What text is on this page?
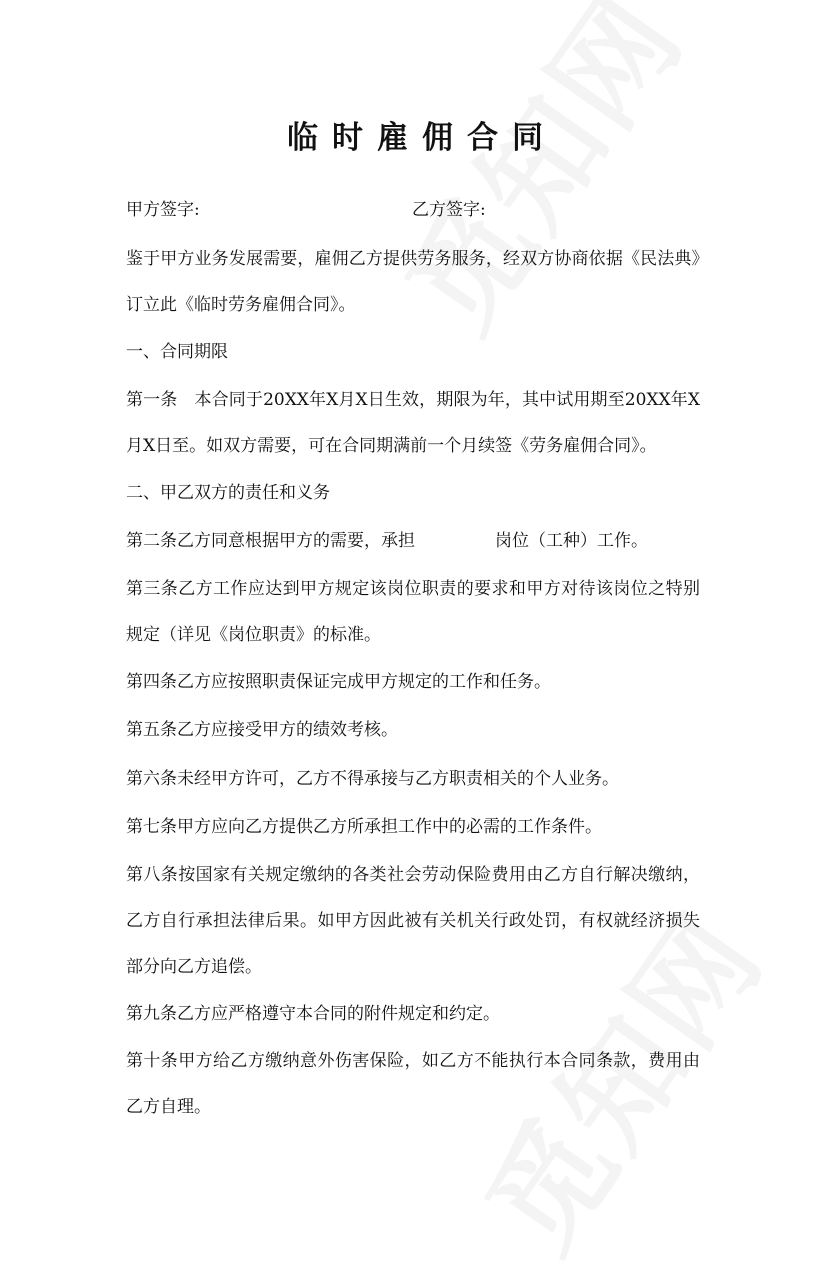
临时雇佣合同
甲方签字:	乙方签字:

鉴于甲方业务发展需要，雇佣乙方提供劳务服务，经双方协商依据《民法典》订立此《临时劳务雇佣合同》。

一、合同期限

第一条　本合同于20XX年X月X日生效，期限为年，其中试用期至20XX年X月X日至。如双方需要，可在合同期满前一个月续签《劳务雇佣合同》。

二、甲乙双方的责任和义务

第二条乙方同意根据甲方的需要，承担	岗位（工种）工作。

第三条乙方工作应达到甲方规定该岗位职责的要求和甲方对待该岗位之特别规定（详见《岗位职责》的标准。

第四条乙方应按照职责保证完成甲方规定的工作和任务。

第五条乙方应接受甲方的绩效考核。

第六条未经甲方许可，乙方不得承接与乙方职责相关的个人业务。

第七条甲方应向乙方提供乙方所承担工作中的必需的工作条件。

第八条按国家有关规定缴纳的各类社会劳动保险费用由乙方自行解决缴纳，乙方自行承担法律后果。如甲方因此被有关机关行政处罚，有权就经济损失部分向乙方追偿。

第九条乙方应严格遵守本合同的附件规定和约定。

第十条甲方给乙方缴纳意外伤害保险，如乙方不能执行本合同条款，费用由乙方自理。
